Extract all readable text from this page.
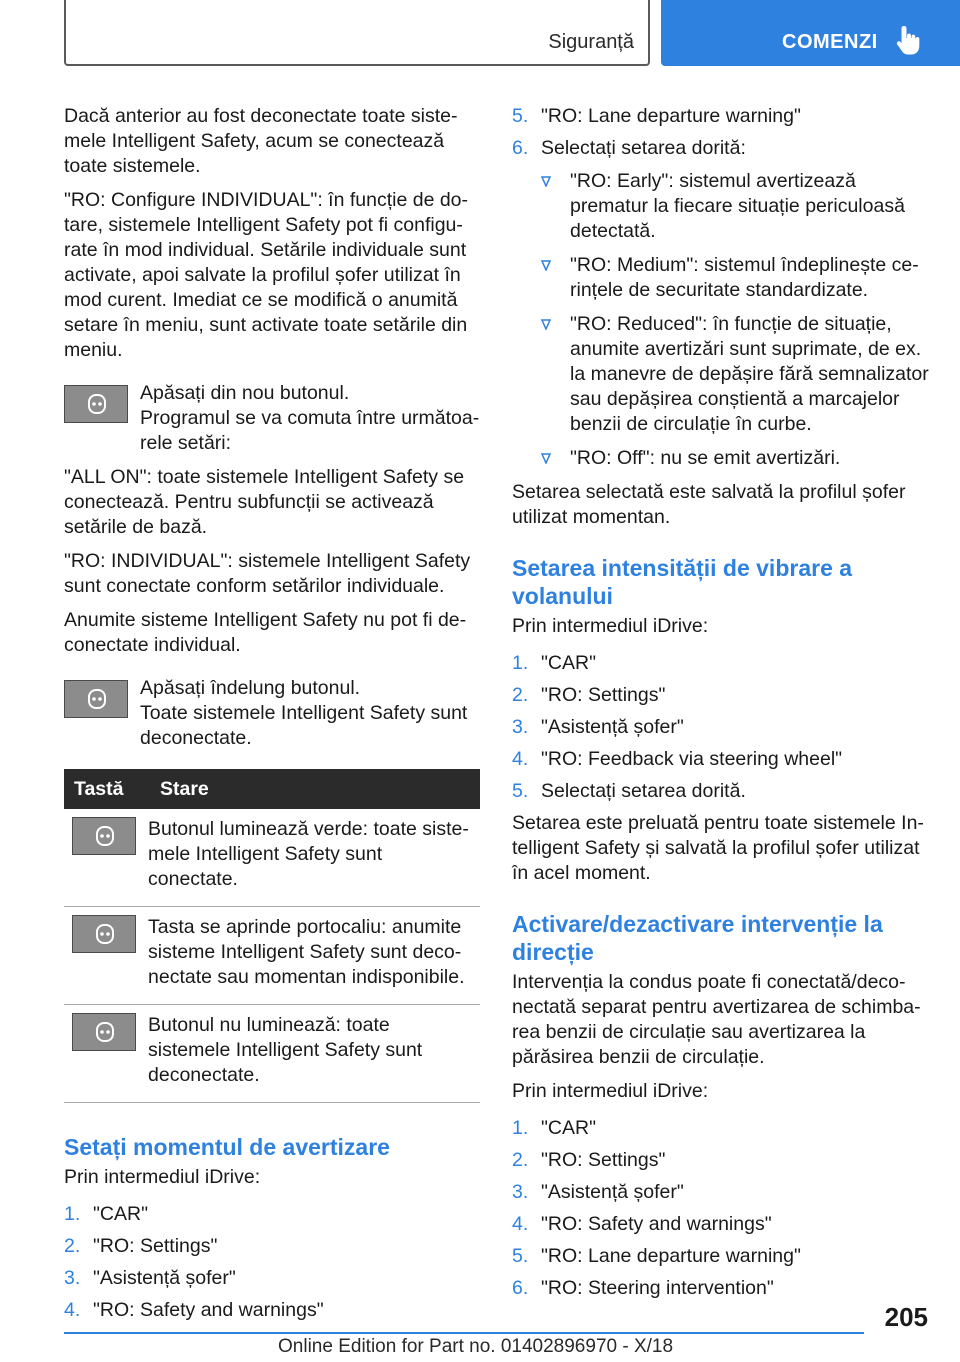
Siguranță	COMENZI

Dacă anterior au fost deconectate toate sistemele Intelligent Safety, acum se conectează toate sistemele.

"RO: Configure INDIVIDUAL": în funcție de dotare, sistemele Intelligent Safety pot fi configurate în mod individual. Setările individuale sunt activate, apoi salvate la profilul șofer utilizat în mod curent. Imediat ce se modifică o anumită setare în meniu, sunt activate toate setările din meniu.

Apăsați din nou butonul.

Programul se va comuta între următoarele setări:

"ALL ON": toate sistemele Intelligent Safety se conectează. Pentru subfuncții se activează setările de bază.

"RO: INDIVIDUAL": sistemele Intelligent Safety sunt conectate conform setărilor individuale.

Anumite sisteme Intelligent Safety nu pot fi deconectate individual.

Apăsați îndelung butonul.

Toate sistemele Intelligent Safety sunt deconectate.

Tastă	Stare

	Butonul luminează verde: toate sistemele Intelligent Safety sunt conectate.

	Tasta se aprinde portocaliu: anumite sisteme Intelligent Safety sunt deconectate sau momentan indisponibile.

	Butonul nu luminează: toate sistemele Intelligent Safety sunt deconectate.
Setați momentul de avertizare

Prin intermediul iDrive:

1. "CAR"
2. "RO: Settings"
3. "Asistență șofer"
4. "RO: Safety and warnings"
5. "RO: Lane departure warning"
6. Selectați setarea dorită:
"RO: Early": sistemul avertizează prematur la fiecare situație periculoasă detectată.
"RO: Medium": sistemul îndeplinește cerințele de securitate standardizate.
"RO: Reduced": în funcție de situație, anumite avertizări sunt suprimate, de ex. la manevre de depășire fără semnalizator sau depășirea conștientă a marcajelor benzii de circulație în curbe.
"RO: Off": nu se emit avertizări.

Setarea selectată este salvată la profilul șofer utilizat momentan.

Setarea intensității de vibrare a volanului

Prin intermediul iDrive:

1. "CAR"
2. "RO: Settings"
3. "Asistență șofer"
4. "RO: Feedback via steering wheel"
5. Selectați setarea dorită.

Setarea este preluată pentru toate sistemele Intelligent Safety și salvată la profilul șofer utilizat în acel moment.

Activare/dezactivare intervenție la direcție

Intervenția la condus poate fi conectată/deconectată separat pentru avertizarea de schimbarea benzii de circulație sau avertizarea la părăsirea benzii de circulație.

Prin intermediul iDrive:

1. "CAR"
2. "RO: Settings"
3. "Asistență șofer"
4. "RO: Safety and warnings"
5. "RO: Lane departure warning"
6. "RO: Steering intervention"
205
Online Edition for Part no. 01402896970 - X/18
